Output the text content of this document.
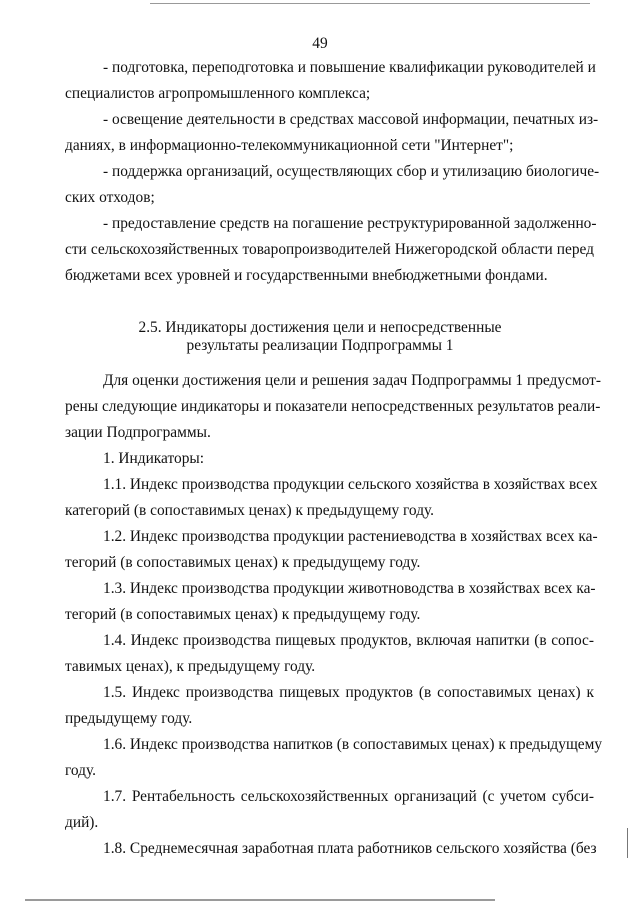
49
- подготовка, переподготовка и повышение квалификации руководителей и
специалистов агропромышленного комплекса;
- освещение деятельности в средствах массовой информации, печатных из-
даниях, в информационно-телекоммуникационной сети "Интернет";
- поддержка организаций, осуществляющих сбор и утилизацию биологиче-
ских отходов;
- предоставление средств на погашение реструктурированной задолженно-
сти сельскохозяйственных товаропроизводителей Нижегородской области перед
бюджетами всех уровней и государственными внебюджетными фондами.
2.5. Индикаторы достижения цели и непосредственные
результаты реализации Подпрограммы 1
Для оценки достижения цели и решения задач Подпрограммы 1 предусмот-
рены следующие индикаторы и показатели непосредственных результатов реали-
зации Подпрограммы.
1. Индикаторы:
1.1. Индекс производства продукции сельского хозяйства в хозяйствах всех
категорий (в сопоставимых ценах) к предыдущему году.
1.2. Индекс производства продукции растениеводства в хозяйствах всех ка-
тегорий (в сопоставимых ценах) к предыдущему году.
1.3. Индекс производства продукции животноводства в хозяйствах всех ка-
тегорий (в сопоставимых ценах) к предыдущему году.
1.4. Индекс производства пищевых продуктов, включая напитки (в сопос-
тавимых ценах), к предыдущему году.
1.5. Индекс производства пищевых продуктов (в сопоставимых ценах) к
предыдущему году.
1.6. Индекс производства напитков (в сопоставимых ценах) к предыдущему
году.
1.7. Рентабельность сельскохозяйственных организаций (с учетом субси-
дий).
1.8. Среднемесячная заработная плата работников сельского хозяйства (без
